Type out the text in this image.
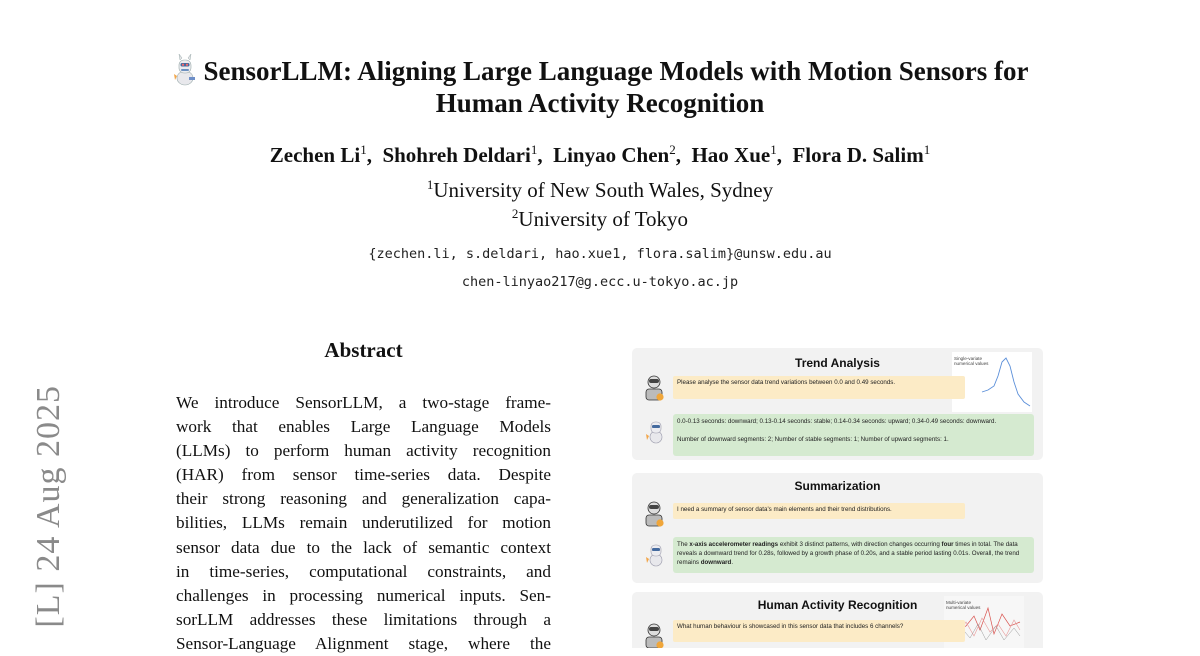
[L] 24 Aug 2025
SensorLLM: Aligning Large Language Models with Motion Sensors for
Human Activity Recognition
Zechen Li$^1$,  Shohreh Deldari$^1$,  Linyao Chen$^2$,  Hao Xue$^1$,  Flora D. Salim$^1$
$^1$University of New South Wales, Sydney
$^2$University of Tokyo
{zechen.li, s.deldari, hao.xue1, flora.salim}@unsw.edu.au
chen-linyao217@g.ecc.u-tokyo.ac.jp
Abstract
We introduce SensorLLM, a two-stage frame-
work that enables Large Language Models
(LLMs) to perform human activity recognition
(HAR) from sensor time-series data. Despite
their strong reasoning and generalization capa-
bilities, LLMs remain underutilized for motion
sensor data due to the lack of semantic context
in time-series, computational constraints, and
challenges in processing numerical inputs. Sen-
sorLLM addresses these limitations through a
Sensor-Language Alignment stage, where the
Trend Analysis	Single-variate numerical values
Please analyse the sensor data trend variations between 0.0 and 0.49 seconds.
0.0-0.13 seconds: downward; 0.13-0.14 seconds: stable; 0.14-0.34 seconds: upward; 0.34-0.49 seconds: downward.
Number of downward segments: 2; Number of stable segments: 1; Number of upward segments: 1.
Summarization
I need a summary of sensor data's main elements and their trend distributions.
The x-axis accelerometer readings exhibit 3 distinct patterns, with direction changes occurring four times in total. The data reveals a downward trend for 0.28s, followed by a growth phase of 0.20s, and a stable period lasting 0.01s. Overall, the trend remains downward.
Human Activity Recognition	Multi-variate numerical values
What human behaviour is showcased in this sensor data that includes 6 channels?
